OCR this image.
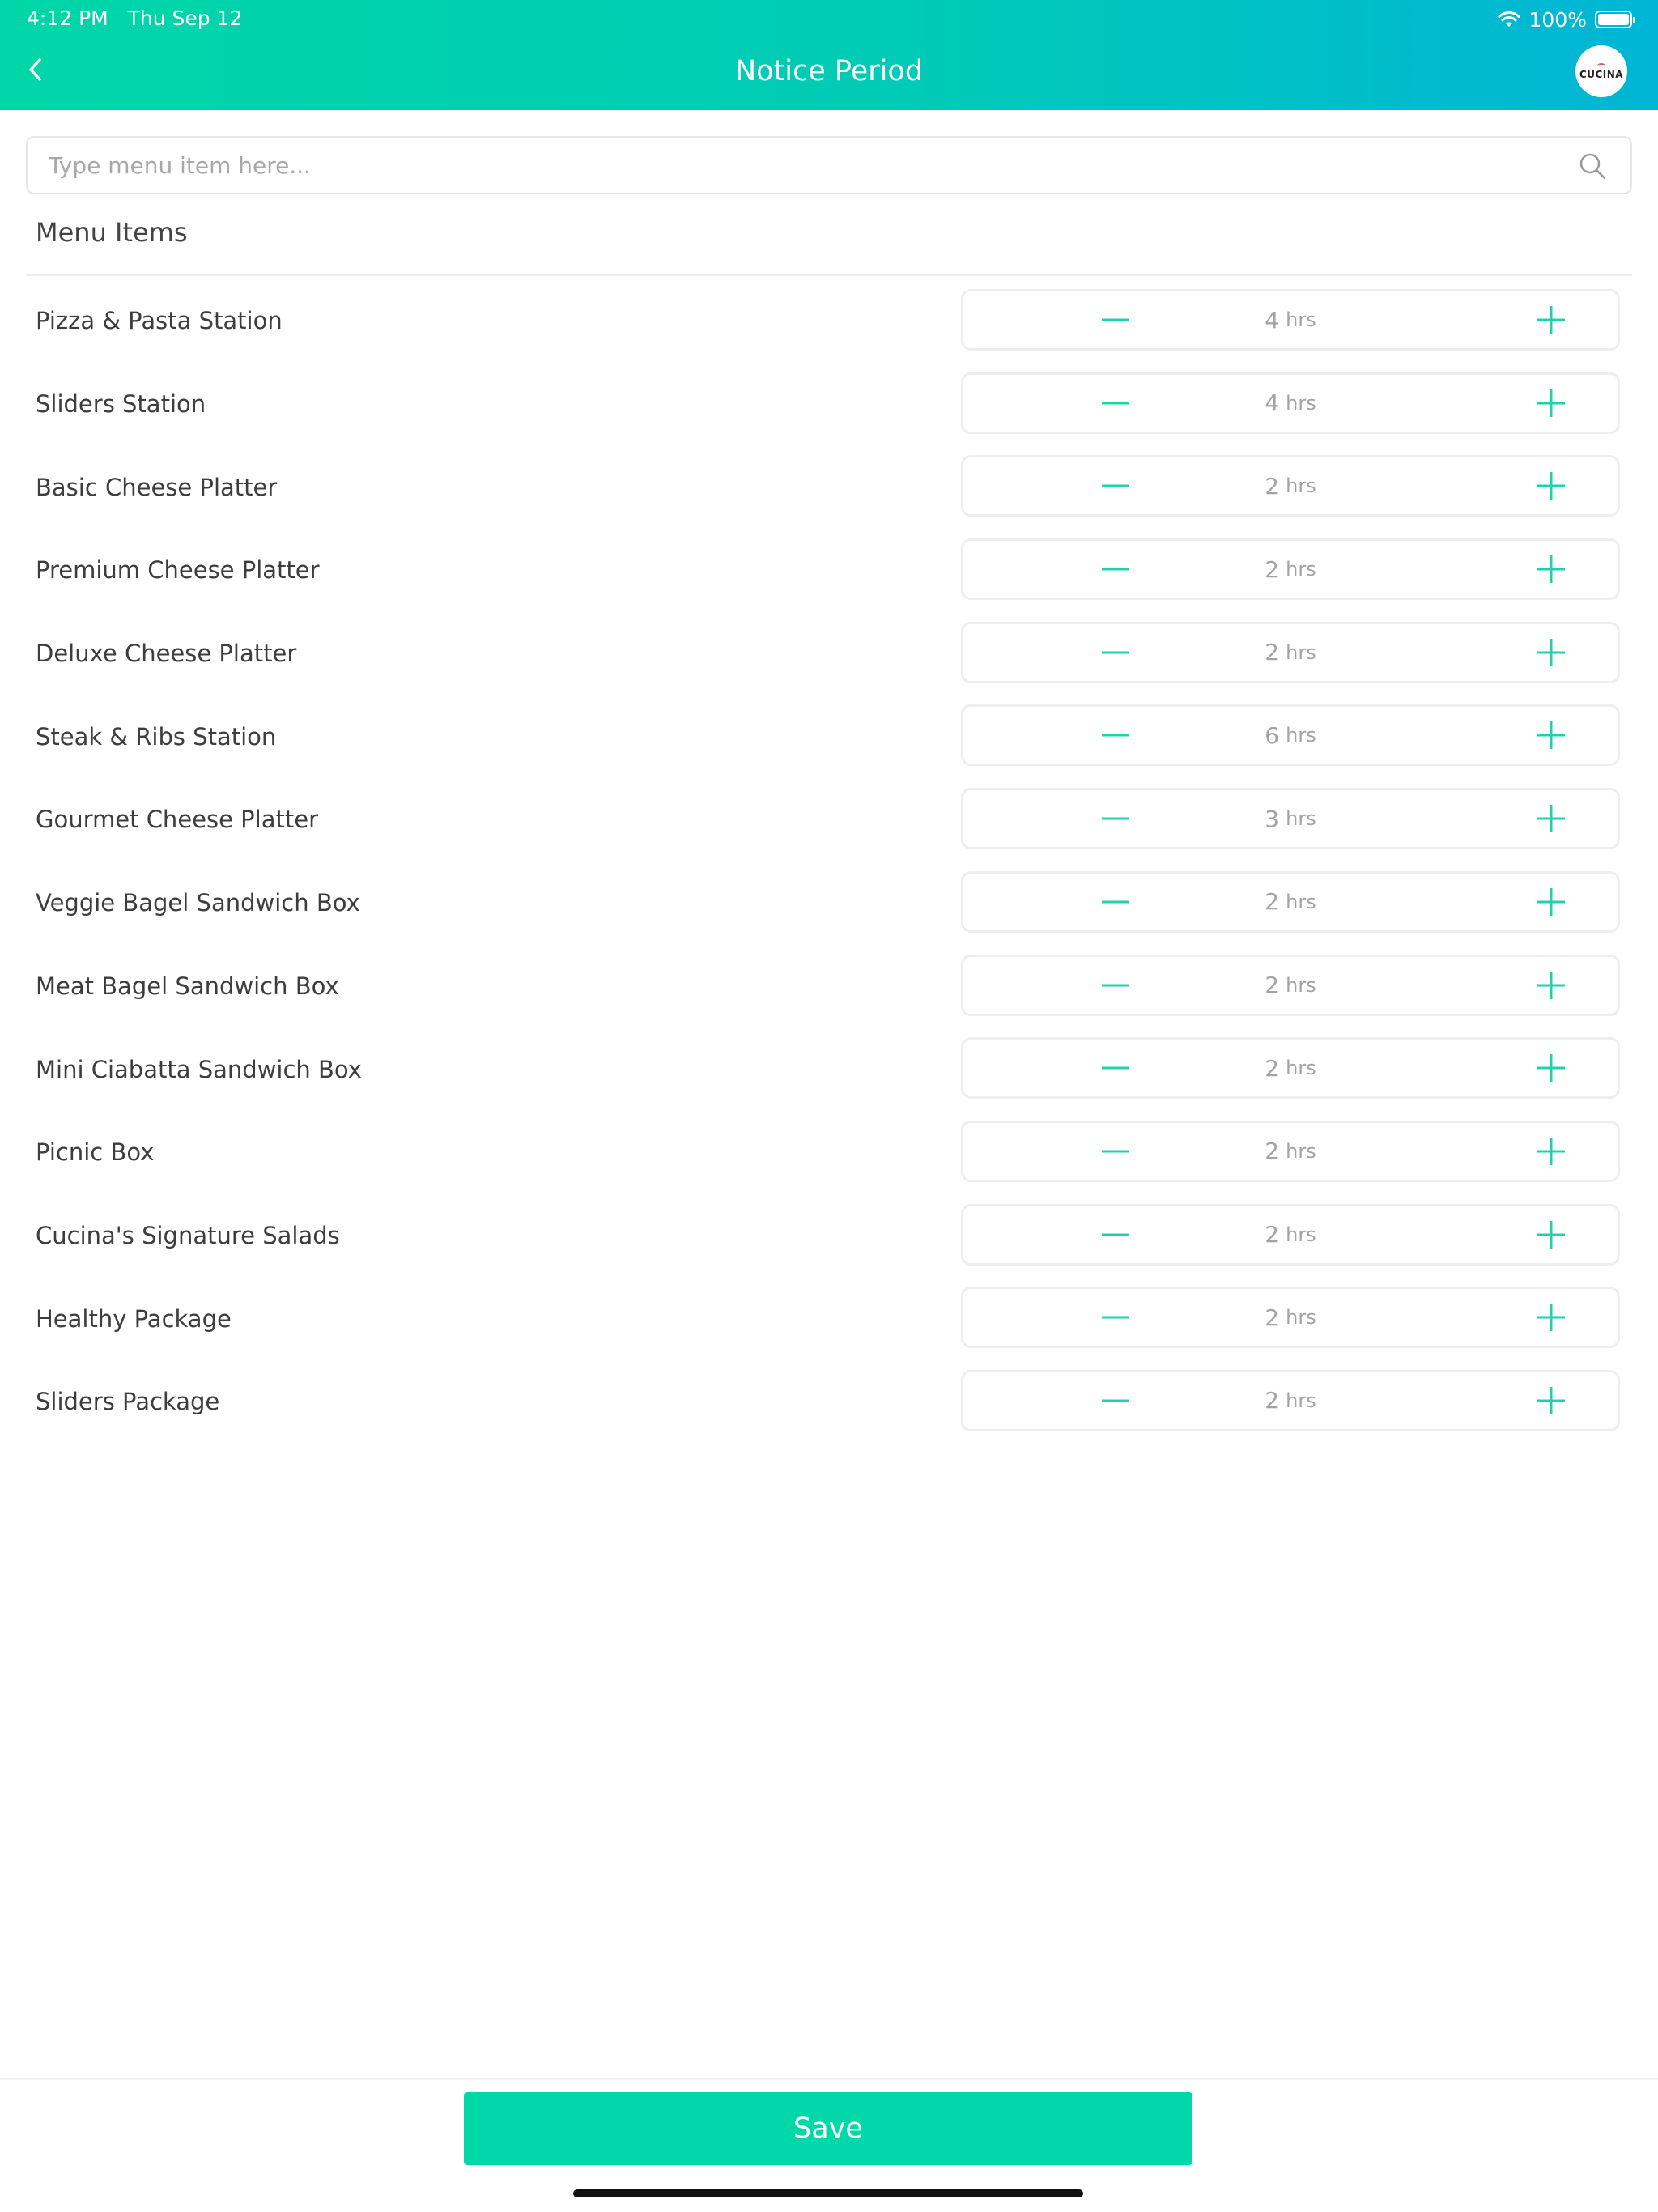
4:12 PM Thu Sep 12	100%
Notice Period	CUCINA
Type menu item here...
Menu Items
Pizza & Pasta Station	4 hrs
Sliders Station	4 hrs
Basic Cheese Platter	2 hrs
Premium Cheese Platter	2 hrs
Deluxe Cheese Platter	2 hrs
Steak & Ribs Station	6 hrs
Gourmet Cheese Platter	3 hrs
Veggie Bagel Sandwich Box	2 hrs
Meat Bagel Sandwich Box	2 hrs
Mini Ciabatta Sandwich Box	2 hrs
Picnic Box	2 hrs
Cucina's Signature Salads	2 hrs
Healthy Package	2 hrs
Sliders Package	2 hrs
Save
